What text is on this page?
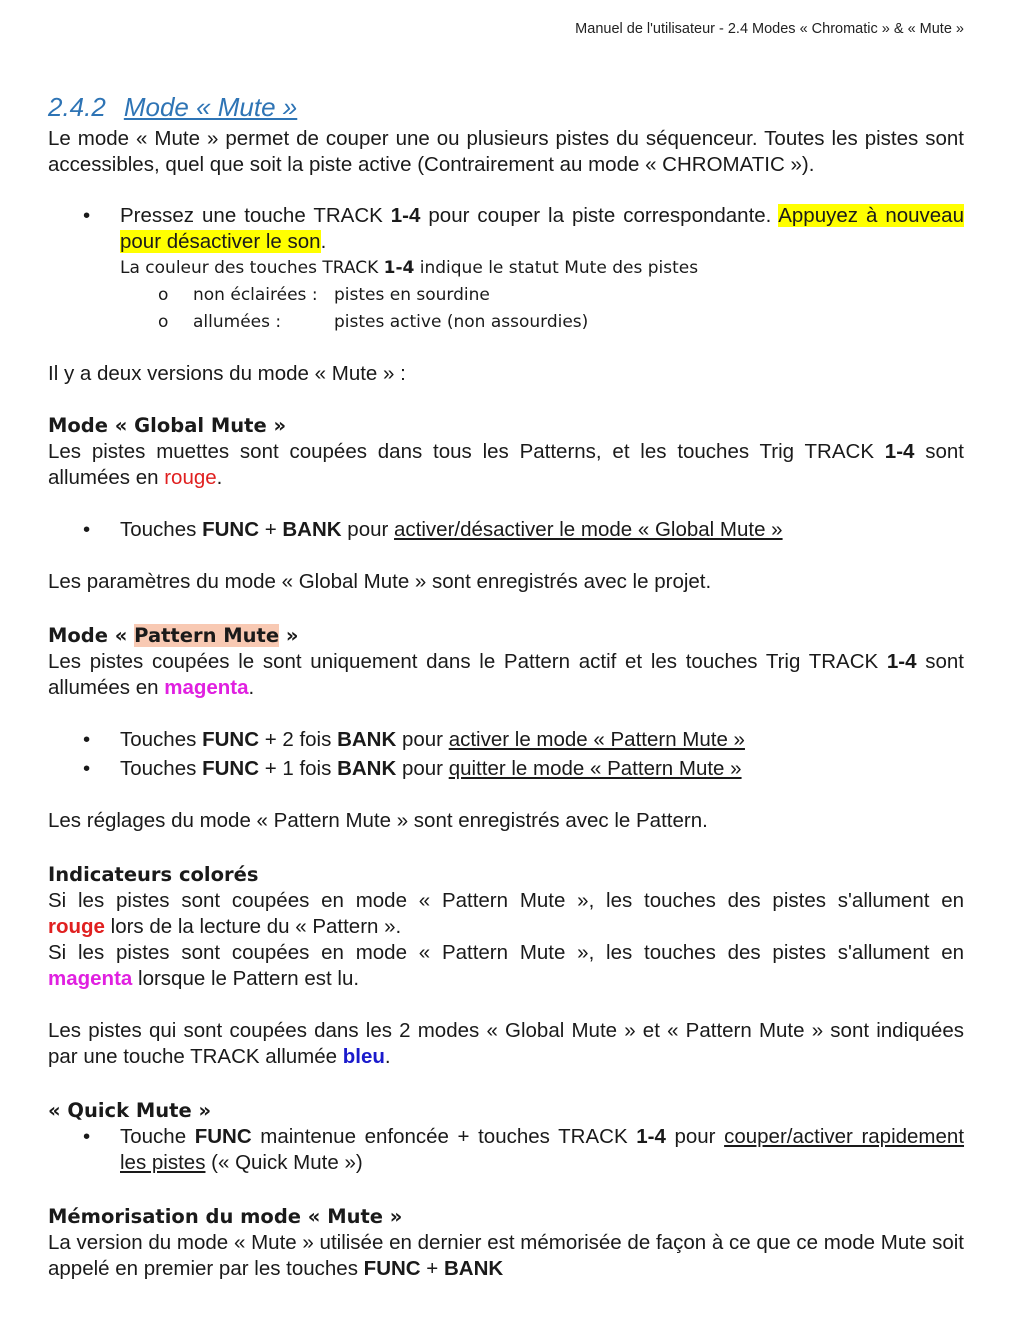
Manuel de l'utilisateur - 2.4 Modes « Chromatic » & « Mute »
2.4.2 Mode « Mute »

Le mode « Mute » permet de couper une ou plusieurs pistes du séquenceur. Toutes les pistes sont accessibles, quel que soit la piste active (Contrairement au mode « CHROMATIC »).

• Pressez une touche TRACK 1-4 pour couper la piste correspondante. Appuyez à nouveau pour désactiver le son.
La couleur des touches TRACK 1-4 indique le statut Mute des pistes
o	non éclairées : pistes en sourdine
o	allumées :	pistes active (non assourdies)

Il y a deux versions du mode « Mute » :

Mode « Global Mute »

Les pistes muettes sont coupées dans tous les Patterns, et les touches Trig TRACK 1-4 sont allumées en rouge.

• Touches FUNC + BANK pour activer/désactiver le mode « Global Mute »

Les paramètres du mode « Global Mute » sont enregistrés avec le projet.

Mode « Pattern Mute »

Les pistes coupées le sont uniquement dans le Pattern actif et les touches Trig TRACK 1-4 sont allumées en magenta.

• Touches FUNC + 2 fois BANK pour activer le mode « Pattern Mute »
• Touches FUNC + 1 fois BANK pour quitter le mode « Pattern Mute »

Les réglages du mode « Pattern Mute » sont enregistrés avec le Pattern.

Indicateurs colorés

Si les pistes sont coupées en mode « Pattern Mute », les touches des pistes s'allument en

rouge lors de la lecture du « Pattern ».

Si les pistes sont coupées en mode « Pattern Mute », les touches des pistes s'allument en

magenta lorsque le Pattern est lu.

Les pistes qui sont coupées dans les 2 modes « Global Mute » et « Pattern Mute » sont indiquées par une touche TRACK allumée bleu.

« Quick Mute »

• Touche FUNC maintenue enfoncée + touches TRACK 1-4 pour couper/activer rapidement les pistes (« Quick Mute »)

Mémorisation du mode « Mute »

La version du mode « Mute » utilisée en dernier est mémorisée de façon à ce que ce mode Mute soit appelé en premier par les touches FUNC + BANK
